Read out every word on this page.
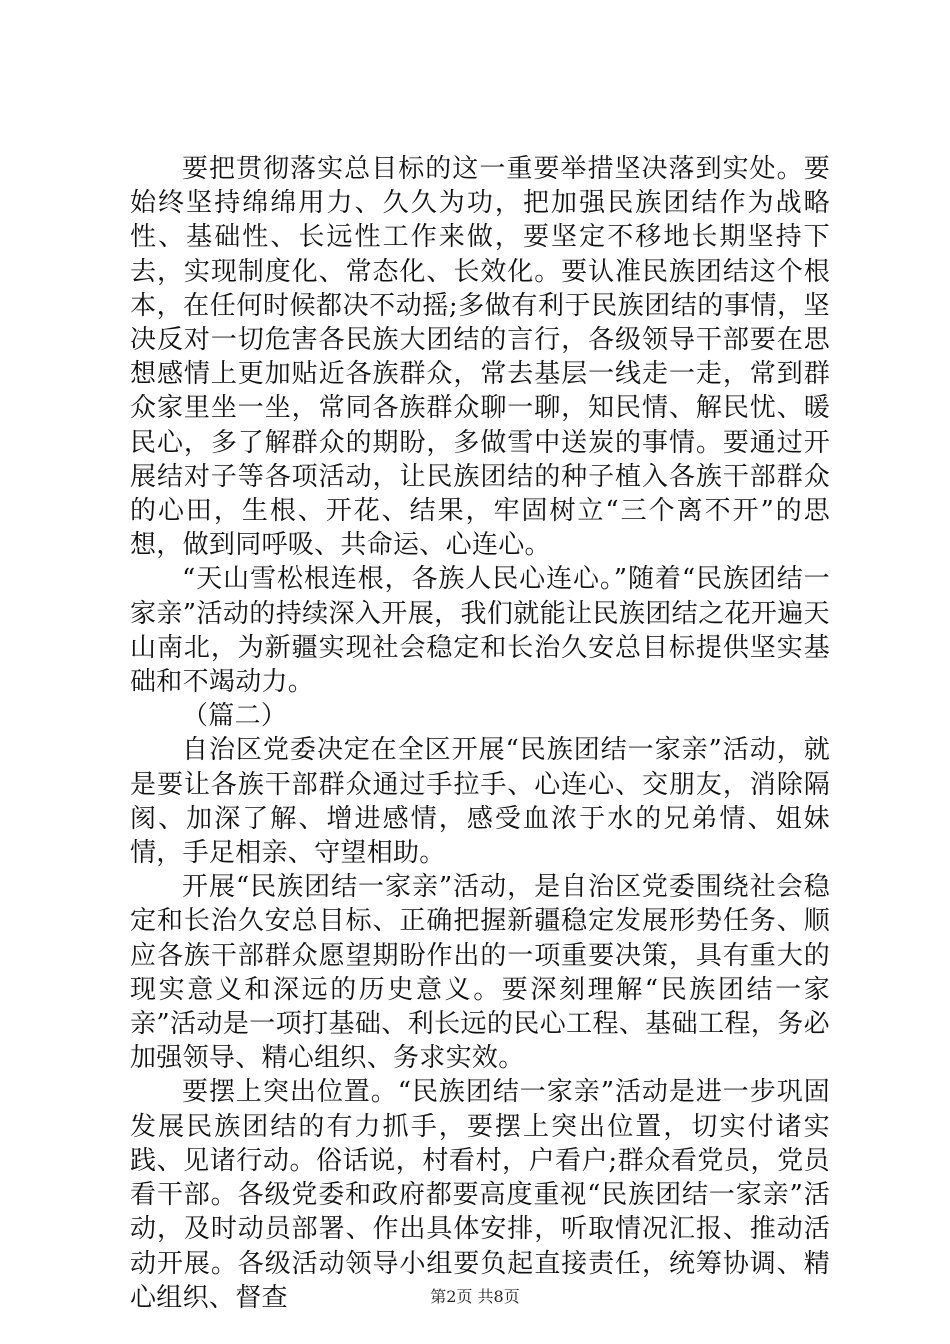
要把贯彻落实总目标的这一重要举措坚决落到实处。要始终坚持绵绵用力、久久为功，把加强民族团结作为战略性、基础性、长远性工作来做，要坚定不移地长期坚持下去，实现制度化、常态化、长效化。要认准民族团结这个根本，在任何时候都决不动摇;多做有利于民族团结的事情，坚决反对一切危害各民族大团结的言行，各级领导干部要在思想感情上更加贴近各族群众，常去基层一线走一走，常到群众家里坐一坐，常同各族群众聊一聊，知民情、解民忧、暖民心，多了解群众的期盼，多做雪中送炭的事情。要通过开展结对子等各项活动，让民族团结的种子植入各族干部群众的心田，生根、开花、结果，牢固树立“三个离不开”的思想，做到同呼吸、共命运、心连心。

“天山雪松根连根，各族人民心连心。”随着“民族团结一家亲”活动的持续深入开展，我们就能让民族团结之花开遍天山南北，为新疆实现社会稳定和长治久安总目标提供坚实基础和不竭动力。

（篇二）

自治区党委决定在全区开展“民族团结一家亲”活动，就是要让各族干部群众通过手拉手、心连心、交朋友，消除隔阂、加深了解、增进感情，感受血浓于水的兄弟情、姐妹情，手足相亲、守望相助。

开展“民族团结一家亲”活动，是自治区党委围绕社会稳定和长治久安总目标、正确把握新疆稳定发展形势任务、顺应各族干部群众愿望期盼作出的一项重要决策，具有重大的现实意义和深远的历史意义。要深刻理解“民族团结一家亲”活动是一项打基础、利长远的民心工程、基础工程，务必加强领导、精心组织、务求实效。

要摆上突出位置。“民族团结一家亲”活动是进一步巩固发展民族团结的有力抓手，要摆上突出位置，切实付诸实践、见诸行动。俗话说，村看村，户看户;群众看党员，党员看干部。各级党委和政府都要高度重视“民族团结一家亲”活动，及时动员部署、作出具体安排，听取情况汇报、推动活动开展。各级活动领导小组要负起直接责任，统筹协调、精心组织、督查	第2页 共8页
